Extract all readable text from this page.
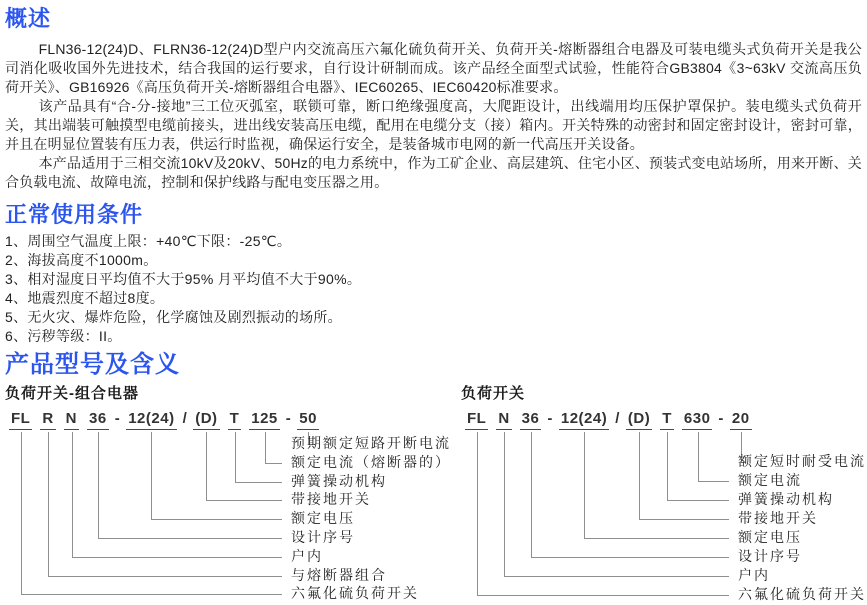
概述

FLN36-12(24)D、FLRN36-12(24)D型户内交流高压六氟化硫负荷开关、负荷开关-熔断器组合电器及可装电缆头式负荷开关是我公司消化吸收国外先进技术，结合我国的运行要求，自行设计研制而成。该产品经全面型式试验，性能符合GB3804《3~63kV 交流高压负荷开关》、GB16926《高压负荷开关-熔断器组合电器》、IEC60265、IEC60420标准要求。

该产品具有“合-分-接地”三工位灭弧室，联锁可靠，断口绝缘强度高，大爬距设计，出线端用均压保护罩保护。装电缆头式负荷开关，其出端装可触摸型电缆前接头，进出线安装高压电缆，配用在电缆分支（接）箱内。开关特殊的动密封和固定密封设计，密封可靠，并且在明显位置装有压力表，供运行时监视，确保运行安全，是装备城市电网的新一代高压开关设备。

本产品适用于三相交流10kV及20kV、50Hz的电力系统中，作为工矿企业、高层建筑、住宅小区、预装式变电站场所，用来开断、关合负载电流、故障电流，控制和保护线路与配电变压器之用。

正常使用条件
1、周围空气温度上限：+40℃下限：-25℃。
2、海拔高度不1000m。
3、相对湿度日平均值不大于95% 月平均值不大于90%。
4、地震烈度不超过8度。
5、无火灾、爆炸危险，化学腐蚀及剧烈振动的场所。
6、污秽等级：II。
产品型号及含义
负荷开关-组合电器
FL R N 36 - 12(24) / (D) T 125 - 50
预期额定短路开断电流
额定电流（熔断器的）
弹簧操动机构
带接地开关
额定电压
设计序号
户内
与熔断器组合
六氟化硫负荷开关
负荷开关
FL N 36 - 12(24) / (D) T 630 - 20
额定短时耐受电流
额定电流
弹簧操动机构
带接地开关
额定电压
设计序号
户内
六氟化硫负荷开关
